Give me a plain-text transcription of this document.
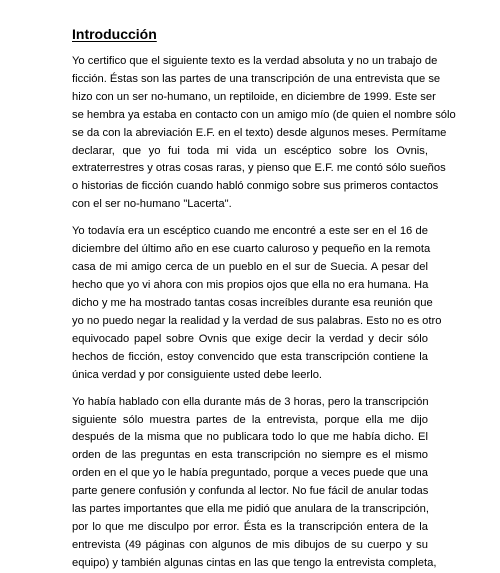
Introducción
Yo certifico que el siguiente texto es la verdad absoluta y no un trabajo de
ficción. Éstas son las partes de una transcripción de una entrevista que se
hizo con un ser no-humano, un reptiloide, en diciembre de 1999. Este ser
se hembra ya estaba en contacto con un amigo mío (de quien el nombre sólo
se da con la abreviación E.F. en el texto) desde algunos meses. Permítame
declarar, que yo fui toda mi vida un escéptico sobre los Ovnis,
extraterrestres y otras cosas raras, y pienso que E.F. me contó sólo sueños
o historias de ficción cuando habló conmigo sobre sus primeros contactos
con el ser no-humano "Lacerta".
Yo todavía era un escéptico cuando me encontré a este ser en el 16 de
diciembre del último año en ese cuarto caluroso y pequeño en la remota
casa de mi amigo cerca de un pueblo en el sur de Suecia. A pesar del
hecho que yo vi ahora con mis propios ojos que ella no era humana. Ha
dicho y me ha mostrado tantas cosas increíbles durante esa reunión que
yo no puedo negar la realidad y la verdad de sus palabras. Esto no es otro
equivocado papel sobre Ovnis que exige decir la verdad y decir sólo
hechos de ficción, estoy convencido que esta transcripción contiene la
única verdad y por consiguiente usted debe leerlo.
Yo había hablado con ella durante más de 3 horas, pero la transcripción
siguiente sólo muestra partes de la entrevista, porque ella me dijo
después de la misma que no publicara todo lo que me había dicho. El
orden de las preguntas en esta transcripción no siempre es el mismo
orden en el que yo le había preguntado, porque a veces puede que una
parte genere confusión y confunda al lector. No fue fácil de anular todas
las partes importantes que ella me pidió que anulara de la transcripción,
por lo que me disculpo por error. Ésta es la transcripción entera de la
entrevista (49 páginas con algunos de mis dibujos de su cuerpo y su
equipo) y también algunas cintas en las que tengo la entrevista completa,
